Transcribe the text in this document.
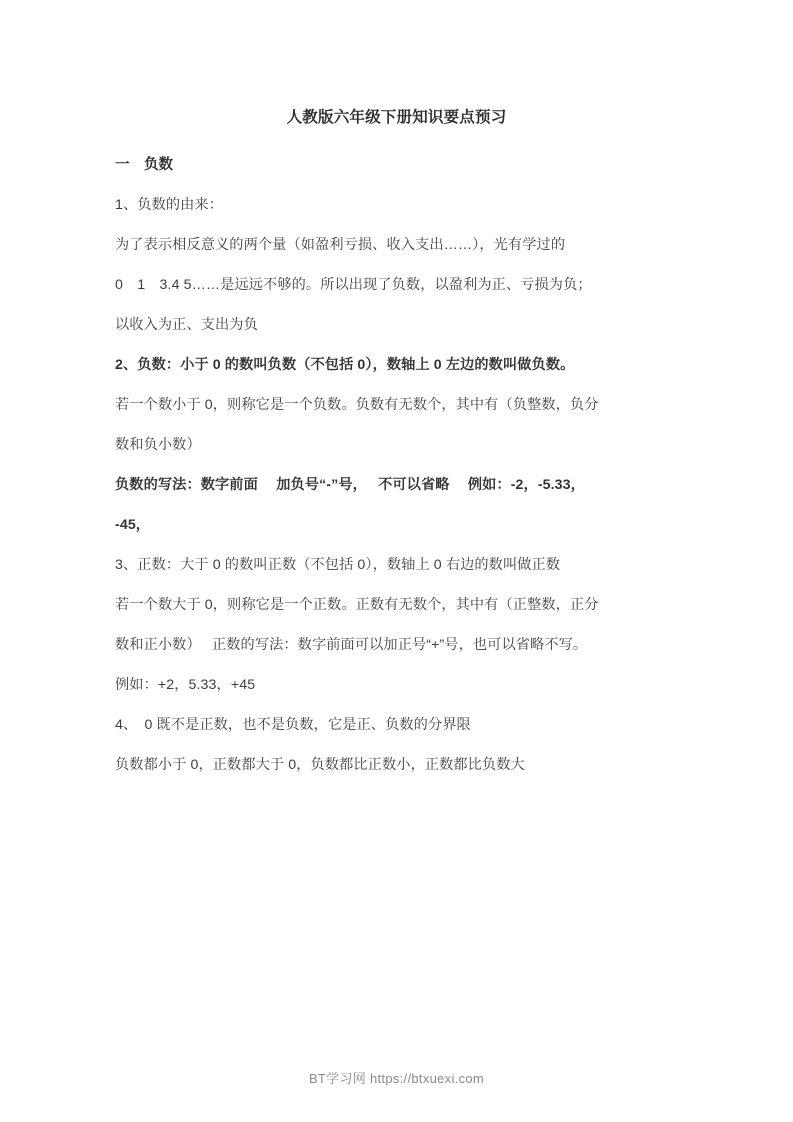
人教版六年级下册知识要点预习
一　负数
1、负数的由来：
为了表示相反意义的两个量（如盈利亏损、收入支出……），光有学过的
0　1　3.4 5……是远远不够的。所以出现了负数，以盈利为正、亏损为负；
以收入为正、支出为负
2、负数：小于 0 的数叫负数（不包括 0），数轴上 0 左边的数叫做负数。
若一个数小于 0，则称它是一个负数。负数有无数个，其中有（负整数，负分
数和负小数）
负数的写法：数字前面　 加负号“-”号，　 不可以省略　 例如：-2，-5.33，
-45，
3、正数：大于 0 的数叫正数（不包括 0），数轴上 0 右边的数叫做正数
若一个数大于 0，则称它是一个正数。正数有无数个，其中有（正整数，正分
数和正小数）　 正数的写法：数字前面可以加正号“+”号，也可以省略不写。
例如：+2，5.33，+45
4、　0 既不是正数，也不是负数，它是正、负数的分界限
负数都小于 0，正数都大于 0，负数都比正数小，正数都比负数大
BT学习网 https://btxuexi.com
